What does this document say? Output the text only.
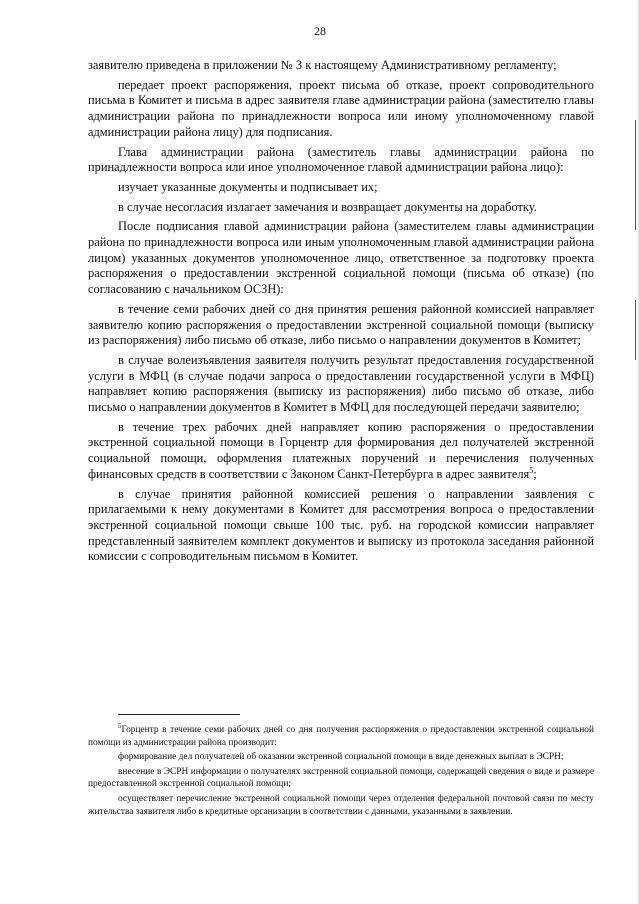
28

заявителю приведена в приложении № 3 к настоящему Административному регламенту;

передает проект распоряжения, проект письма об отказе, проект сопроводительного письма в Комитет и письма в адрес заявителя главе администрации района (заместителю главы администрации района по принадлежности вопроса или иному уполномоченному главой администрации района лицу) для подписания.

Глава администрации района (заместитель главы администрации района по принадлежности вопроса или иное уполномоченное главой администрации района лицо):

изучает указанные документы и подписывает их;

в случае несогласия излагает замечания и возвращает документы на доработку.

После подписания главой администрации района (заместителем главы администрации района по принадлежности вопроса или иным уполномоченным главой администрации района лицом) указанных документов уполномоченное лицо, ответственное за подготовку проекта распоряжения о предоставлении экстренной социальной помощи (письма об отказе) (по согласованию с начальником ОСЗН):

в течение семи рабочих дней со дня принятия решения районной комиссией направляет заявителю копию распоряжения о предоставлении экстренной социальной помощи (выписку из распоряжения) либо письмо об отказе, либо письмо о направлении документов в Комитет;

в случае волеизъявления заявителя получить результат предоставления государственной услуги в МФЦ (в случае подачи запроса о предоставлении государственной услуги в МФЦ) направляет копию распоряжения (выписку из распоряжения) либо письмо об отказе, либо письмо о направлении документов в Комитет в МФЦ для последующей передачи заявителю;

в течение трех рабочих дней направляет копию распоряжения о предоставлении экстренной социальной помощи в Горцентр для формирования дел получателей экстренной социальной помощи, оформления платежных поручений и перечисления полученных финансовых средств в соответствии с Законом Санкт-Петербурга в адрес заявителя$^5$;

в случае принятия районной комиссией решения о направлении заявления с прилагаемыми к нему документами в Комитет для рассмотрения вопроса о предоставлении экстренной социальной помощи свыше 100 тыс. руб. на городской комиссии направляет представленный заявителем комплект документов и выписку из протокола заседания районной комиссии с сопроводительным письмом в Комитет.

$^5$Горцентр в течение семи рабочих дней со дня получения распоряжения о предоставлении экстренной социальной помощи из администрации района производит:

формирование дел получателей об оказании экстренной социальной помощи в виде денежных выплат в ЭСРН;

внесение в ЭСРН информации о получателях экстренной социальной помощи, содержащей сведения о виде и размере предоставленной экстренной социальной помощи;

осуществляет перечисление экстренной социальной помощи через отделения федеральной почтовой связи по месту жительства заявителя либо в кредитные организации в соответствии с данными, указанными в заявлении.
